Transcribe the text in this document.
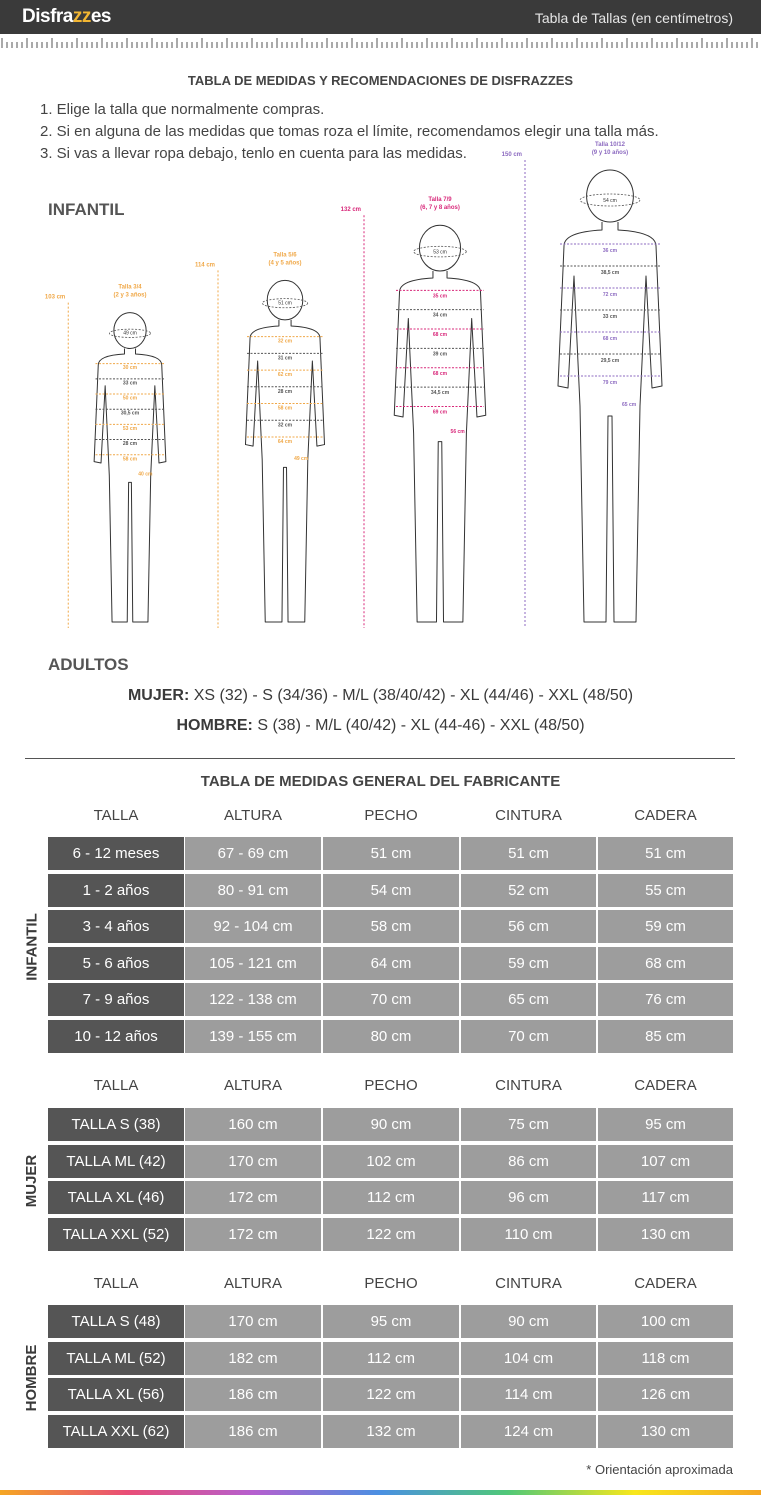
Disfrazzes	Tabla de Tallas (en centímetros)
TABLA DE MEDIDAS Y RECOMENDACIONES DE DISFRAZZES
1. Elige la talla que normalmente compras.
2. Si en alguna de las medidas que tomas roza el límite, recomendamos elegir una talla más.
3. Si vas a llevar ropa debajo, tenlo en cuenta para las medidas.
INFANTIL
103 cm
Talla 3/4
(2 y 3 años)
49 cm
30 cm
33 cm
50 cm
30,5 cm
53 cm
28 cm
58 cm
40 cm
114 cm
Talla 5/6
(4 y 5 años)
51 cm
32 cm
31 cm
62 cm
28 cm
58 cm
32 cm
64 cm
49 cm
132 cm
Talla 7/9
(6, 7 y 8 años)
53 cm
35 cm
34 cm
68 cm
39 cm
68 cm
34,5 cm
69 cm
56 cm
150 cm
Talla 10/12
(9 y 10 años)
54 cm
36 cm
38,5 cm
72 cm
33 cm
68 cm
29,5 cm
79 cm
65 cm
ADULTOS
MUJER: XS (32) - S (34/36) - M/L (38/40/42) - XL (44/46) - XXL (48/50)
HOMBRE: S (38) - M/L (40/42) - XL (44-46) - XXL (48/50)
TABLA DE MEDIDAS GENERAL DEL FABRICANTE
TALLA	ALTURA	PECHO	CINTURA	CADERA
6 - 12 meses	67 - 69 cm	51 cm	51 cm	51 cm
1 - 2 años	80 - 91 cm	54 cm	52 cm	55 cm
3 - 4 años	92 - 104 cm	58 cm	56 cm	59 cm
5 - 6 años	105 - 121 cm	64 cm	59 cm	68 cm
7 - 9 años	122 - 138 cm	70 cm	65 cm	76 cm
10 - 12 años	139 - 155 cm	80 cm	70 cm	85 cm
INFANTIL
TALLA	ALTURA	PECHO	CINTURA	CADERA
TALLA S (38)	160 cm	90 cm	75 cm	95 cm
TALLA ML (42)	170 cm	102 cm	86 cm	107 cm
TALLA XL (46)	172 cm	112 cm	96 cm	117 cm
TALLA XXL (52)	172 cm	122 cm	110 cm	130 cm
MUJER
TALLA	ALTURA	PECHO	CINTURA	CADERA
TALLA S (48)	170 cm	95 cm	90 cm	100 cm
TALLA ML (52)	182 cm	112 cm	104 cm	118 cm
TALLA XL (56)	186 cm	122 cm	114 cm	126 cm
TALLA XXL (62)	186 cm	132 cm	124 cm	130 cm
HOMBRE
* Orientación aproximada
